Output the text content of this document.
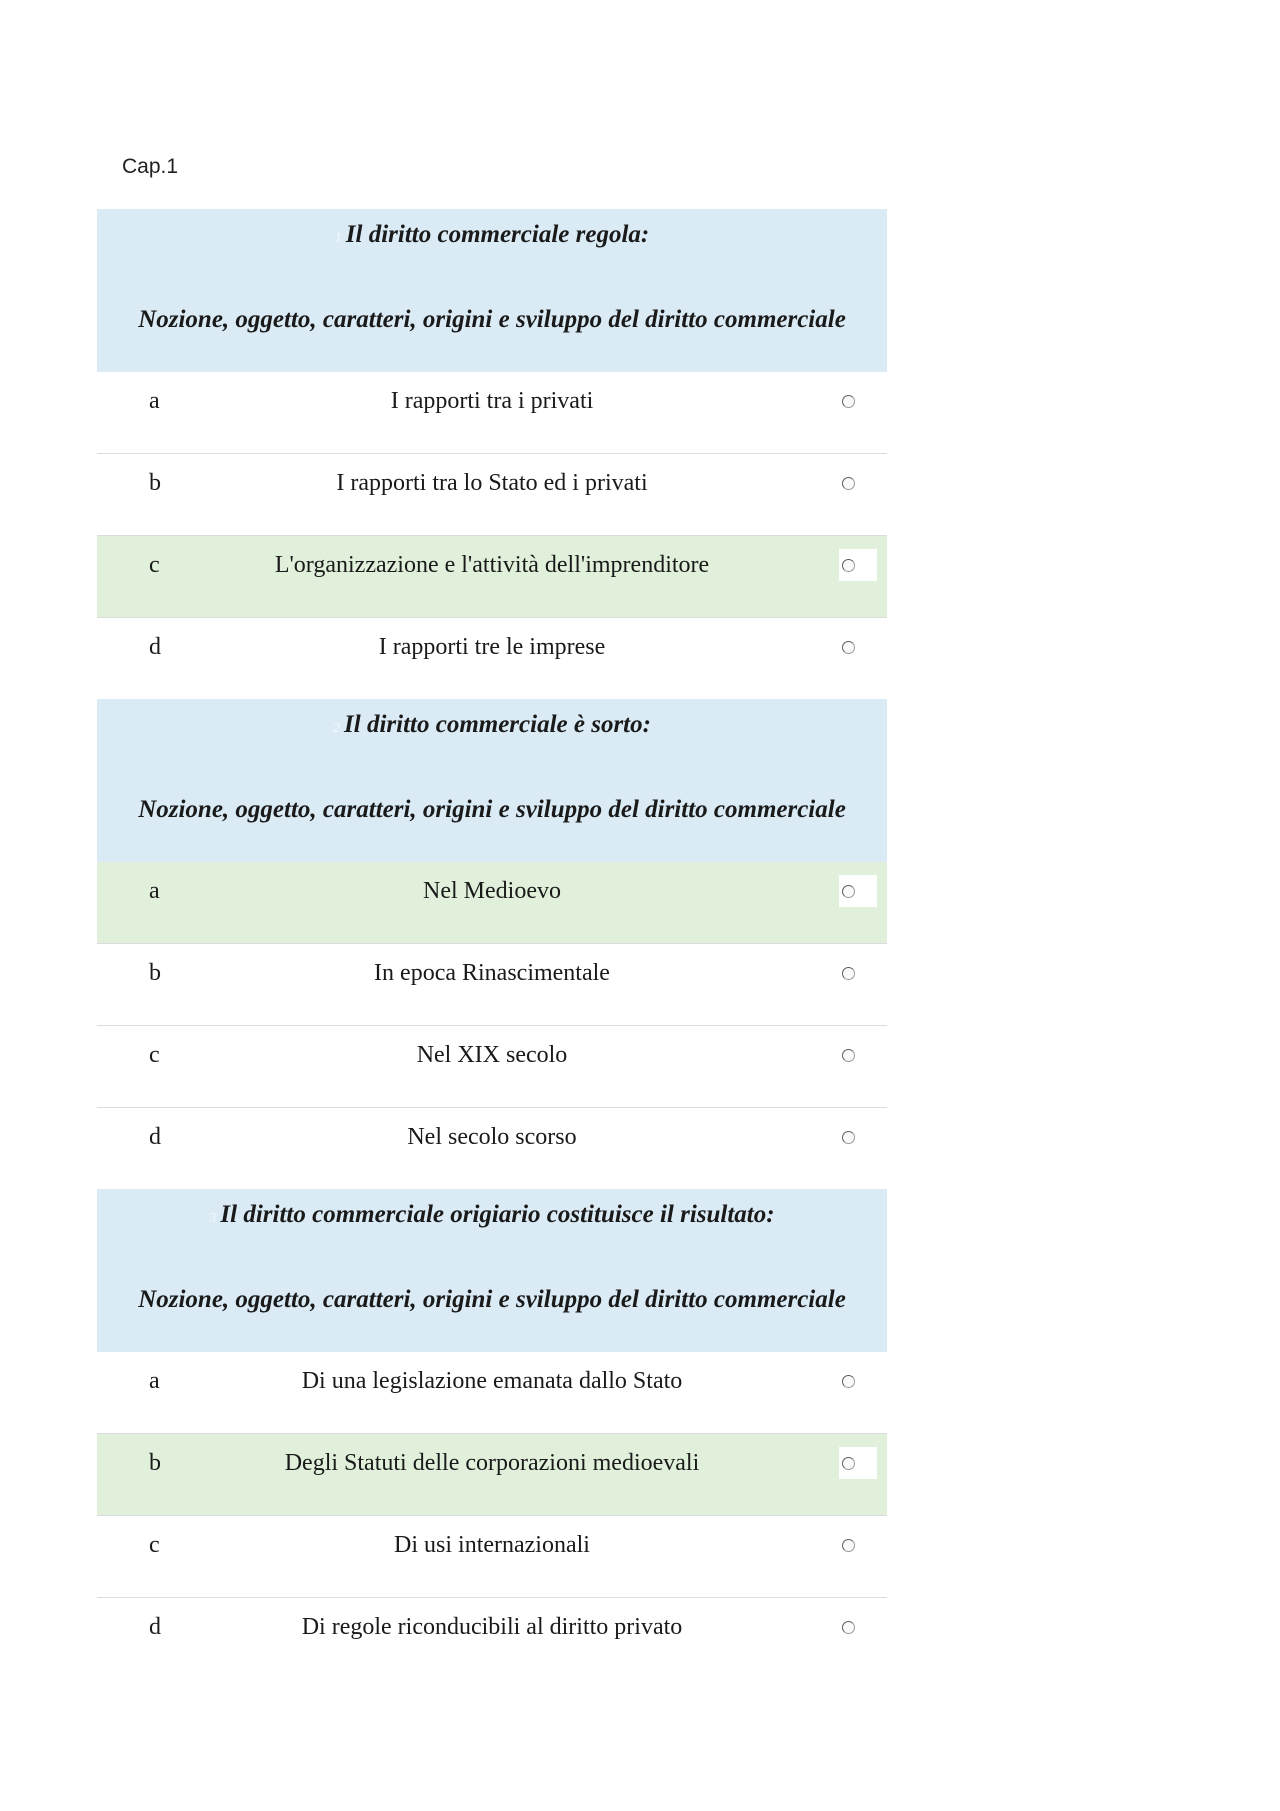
Cap.1
1 Il diritto commerciale regola:
Nozione, oggetto, caratteri, origini e sviluppo del diritto commerciale
a	I rapporti tra i privati
b	I rapporti tra lo Stato ed i privati
c	L'organizzazione e l'attività dell'imprenditore
d	I rapporti tre le imprese
2 Il diritto commerciale è sorto:
Nozione, oggetto, caratteri, origini e sviluppo del diritto commerciale
a	Nel Medioevo
b	In epoca Rinascimentale
c	Nel XIX secolo
d	Nel secolo scorso
3 Il diritto commerciale origiario costituisce il risultato:
Nozione, oggetto, caratteri, origini e sviluppo del diritto commerciale
a	Di una legislazione emanata dallo Stato
b	Degli Statuti delle corporazioni medioevali
c	Di usi internazionali
d	Di regole riconducibili al diritto privato
